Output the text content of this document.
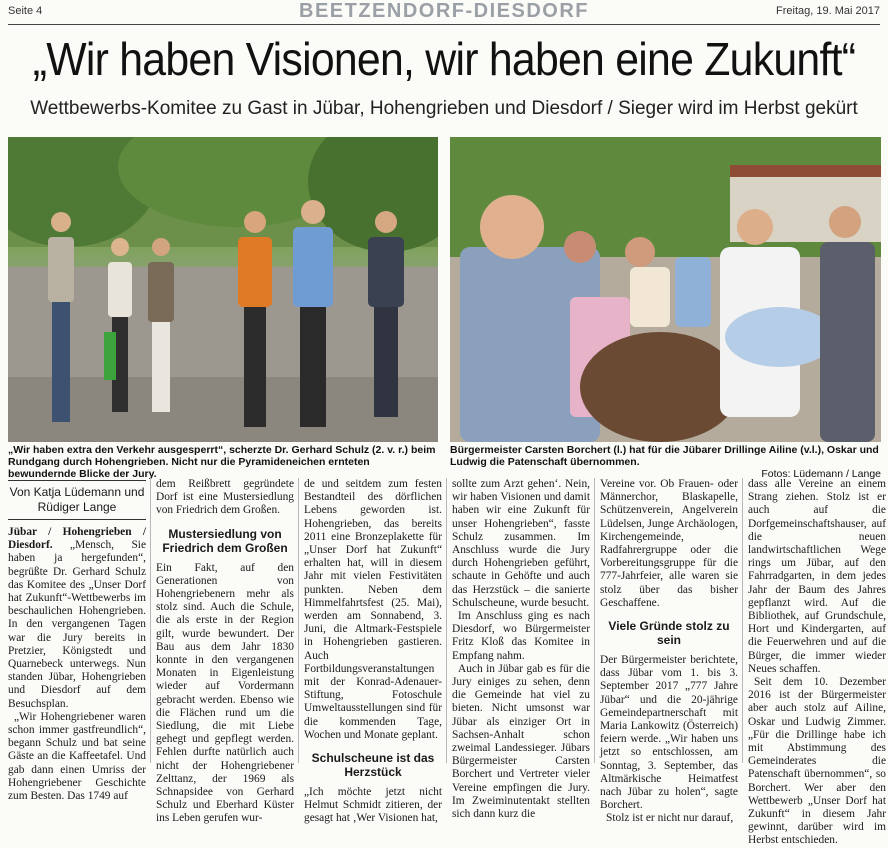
Seite 4	BEETZENDORF-DIESDORF	Freitag, 19. Mai 2017
„Wir haben Visionen, wir haben eine Zukunft“
Wettbewerbs-Komitee zu Gast in Jübar, Hohengrieben und Diesdorf / Sieger wird im Herbst gekürt
„Wir haben extra den Verkehr ausgesperrt“, scherzte Dr. Gerhard Schulz (2. v. r.) beim Rundgang durch Hohengrieben. Nicht nur die Pyramideneichen ernteten bewundernde Blicke der Jury.
Bürgermeister Carsten Borchert (l.) hat für die Jübarer Drillinge Ailine (v.l.), Oskar und Ludwig die Patenschaft übernommen.
Fotos: Lüdemann / Lange
Von Katja Lüdemann und Rüdiger Lange

Jübar / Hohengrieben / Diesdorf. „Mensch, Sie haben ja hergefunden“, begrüßte Dr. Gerhard Schulz das Komitee des „Unser Dorf hat Zukunft“-Wettbewerbs im beschaulichen Hohengrieben. In den vergangenen Tagen war die Jury bereits in Pretzier, Königstedt und Quarnebeck unterwegs. Nun standen Jübar, Hohengrieben und Diesdorf auf dem Besuchsplan.

„Wir Hohengriebener waren schon immer gastfreundlich“, begann Schulz und bat seine Gäste an die Kaffeetafel. Und gab dann einen Umriss der Hohengriebener Geschichte zum Besten. Das 1749 auf

dem Reißbrett gegründete Dorf ist eine Mustersiedlung von Friedrich dem Großen.

Mustersiedlung von Friedrich dem Großen

Ein Fakt, auf den Generationen von Hohengriebenern mehr als stolz sind. Auch die Schule, die als erste in der Region gilt, wurde bewundert. Der Bau aus dem Jahr 1830 konnte in den vergangenen Monaten in Eigenleistung wieder auf Vordermann gebracht werden. Ebenso wie die Flächen rund um die Siedlung, die mit Liebe gehegt und gepflegt werden. Fehlen durfte natürlich auch nicht der Hohengriebener Zelttanz, der 1969 als Schnapsidee von Gerhard Schulz und Eberhard Küster ins Leben gerufen wur-

de und seitdem zum festen Bestandteil des dörflichen Lebens geworden ist. Hohengrieben, das bereits 2011 eine Bronzeplakette für „Unser Dorf hat Zukunft“ erhalten hat, will in diesem Jahr mit vielen Festivitäten punkten. Neben dem Himmelfahrtsfest (25. Mai), werden am Sonnabend, 3. Juni, die Altmark-Festspiele in Hohengrieben gastieren. Auch Fortbildungsveranstaltungen mit der Konrad-Adenauer-Stiftung, Fotoschule Umweltausstellungen sind für die kommenden Tage, Wochen und Monate geplant.

Schulscheune ist das Herzstück

„Ich möchte jetzt nicht Helmut Schmidt zitieren, der gesagt hat ‚Wer Visionen hat,

sollte zum Arzt gehen‘. Nein, wir haben Visionen und damit haben wir eine Zukunft für unser Hohengrieben“, fasste Schulz zusammen. Im Anschluss wurde die Jury durch Hohengrieben geführt, schaute in Gehöfte und auch das Herzstück – die sanierte Schulscheune, wurde besucht.

Im Anschluss ging es nach Diesdorf, wo Bürgermeister Fritz Kloß das Komitee in Empfang nahm.

Auch in Jübar gab es für die Jury einiges zu sehen, denn die Gemeinde hat viel zu bieten. Nicht umsonst war Jübar als einziger Ort in Sachsen-Anhalt schon zweimal Landessieger. Jübars Bürgermeister Carsten Borchert und Vertreter vieler Vereine empfingen die Jury. Im Zweiminutentakt stellten sich dann kurz die

Vereine vor. Ob Frauen- oder Männerchor, Blaskapelle, Schützenverein, Angelverein Lüdelsen, Junge Archäologen, Kirchengemeinde, Radfahrergruppe oder die Vorbereitungsgruppe für die 777-Jahrfeier, alle waren sie stolz über das bisher Geschaffene.

Viele Gründe stolz zu sein

Der Bürgermeister berichtete, dass Jübar vom 1. bis 3. September 2017 „777 Jahre Jübar“ und die 20-jährige Gemeindepartnerschaft mit Maria Lankowitz (Österreich) feiern werde. „Wir haben uns jetzt so entschlossen, am Sonntag, 3. September, das Altmärkische Heimatfest nach Jübar zu holen“, sagte Borchert.

Stolz ist er nicht nur darauf,

dass alle Vereine an einem Strang ziehen. Stolz ist er auch auf die Dorfgemeinschaftshauser, auf die neuen landwirtschaftlichen Wege rings um Jübar, auf den Fahrradgarten, in dem jedes Jahr der Baum des Jahres gepflanzt wird. Auf die Bibliothek, auf Grundschule, Hort und Kindergarten, auf die Feuerwehren und auf die Bürger, die immer wieder Neues schaffen.

Seit dem 10. Dezember 2016 ist der Bürgermeister aber auch stolz auf Ailine, Oskar und Ludwig Zimmer. „Für die Drillinge habe ich mit Abstimmung des Gemeinderates die Patenschaft übernommen“, so Borchert. Wer aber den Wettbewerb „Unser Dorf hat Zukunft“ in diesem Jahr gewinnt, darüber wird im Herbst entschieden.
